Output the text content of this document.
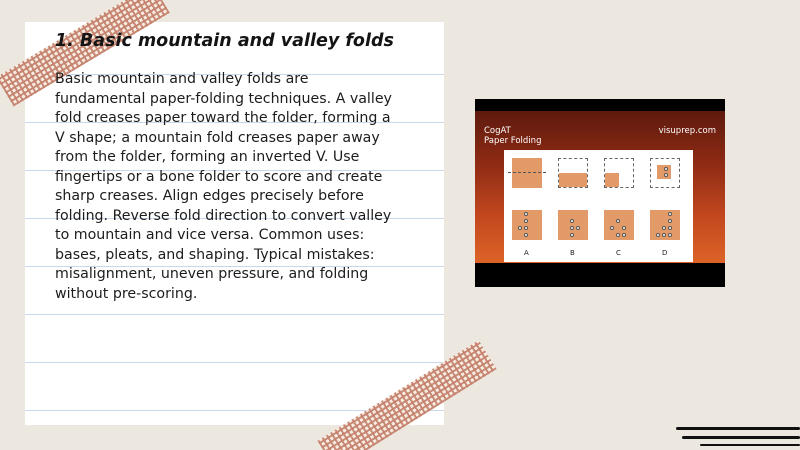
1. Basic mountain and valley folds
Basic mountain and valley folds are fundamental paper-folding techniques. A valley fold creases paper toward the folder, forming a V shape; a mountain fold creases paper away from the folder, forming an inverted V. Use fingertips or a bone folder to score and create sharp creases. Align edges precisely before folding. Reverse fold direction to convert valley to mountain and vice versa. Common uses: bases, pleats, and shaping. Typical mistakes: misalignment, uneven pressure, and folding without pre-scoring.
CogAT
Paper Folding
visuprep.com
A	B	C	D
